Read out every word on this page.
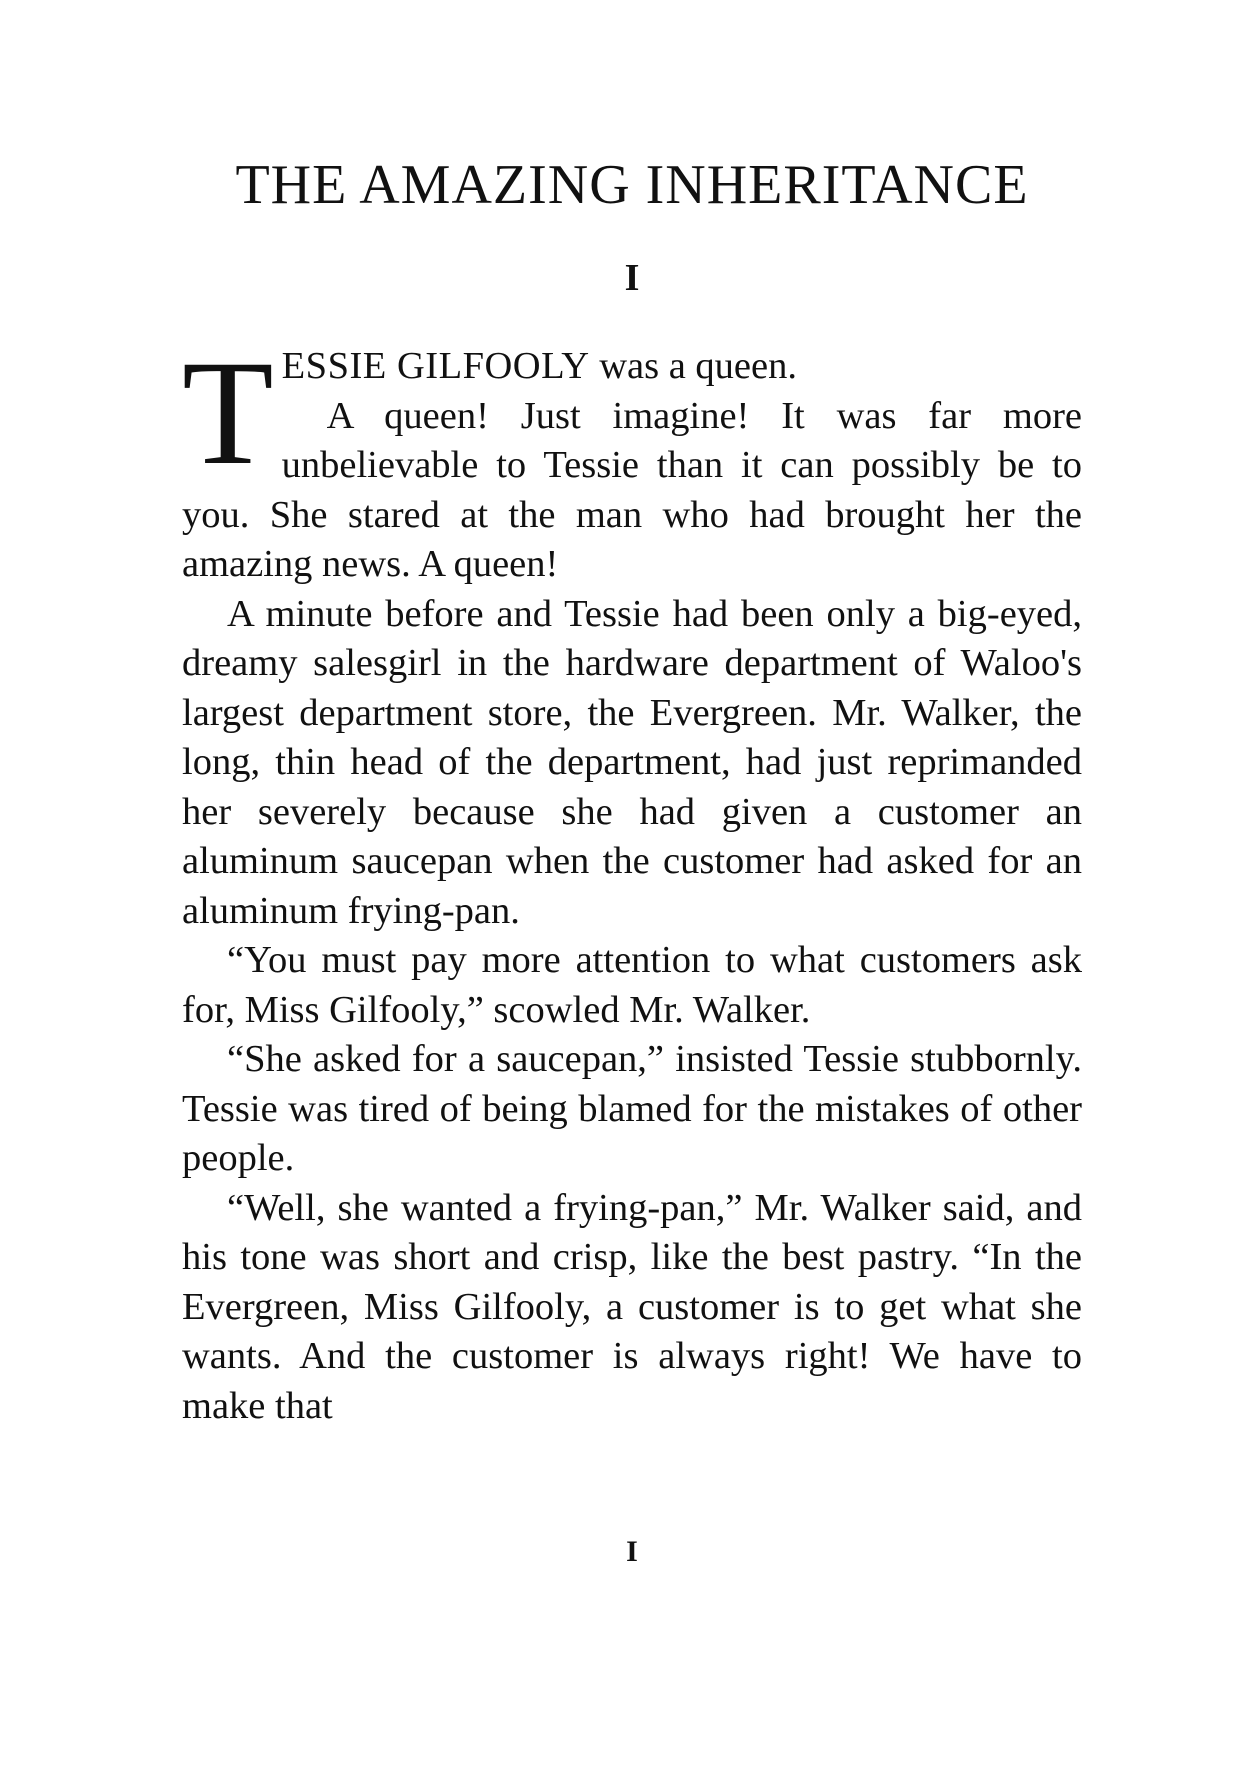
THE AMAZING INHERITANCE
I

TESSIE GILFOOLY was a queen.

A queen! Just imagine! It was far more unbelievable to Tessie than it can possibly be to you. She stared at the man who had brought her the amazing news. A queen!

A minute before and Tessie had been only a big-eyed, dreamy salesgirl in the hardware department of Waloo's largest department store, the Evergreen. Mr. Walker, the long, thin head of the department, had just reprimanded her severely because she had given a customer an aluminum saucepan when the customer had asked for an aluminum frying-pan.

“You must pay more attention to what customers ask for, Miss Gilfooly,” scowled Mr. Walker.

“She asked for a saucepan,” insisted Tessie stubbornly. Tessie was tired of being blamed for the mistakes of other people.

“Well, she wanted a frying-pan,” Mr. Walker said, and his tone was short and crisp, like the best pastry. “In the Evergreen, Miss Gilfooly, a customer is to get what she wants. And the customer is always right! We have to make that

I
